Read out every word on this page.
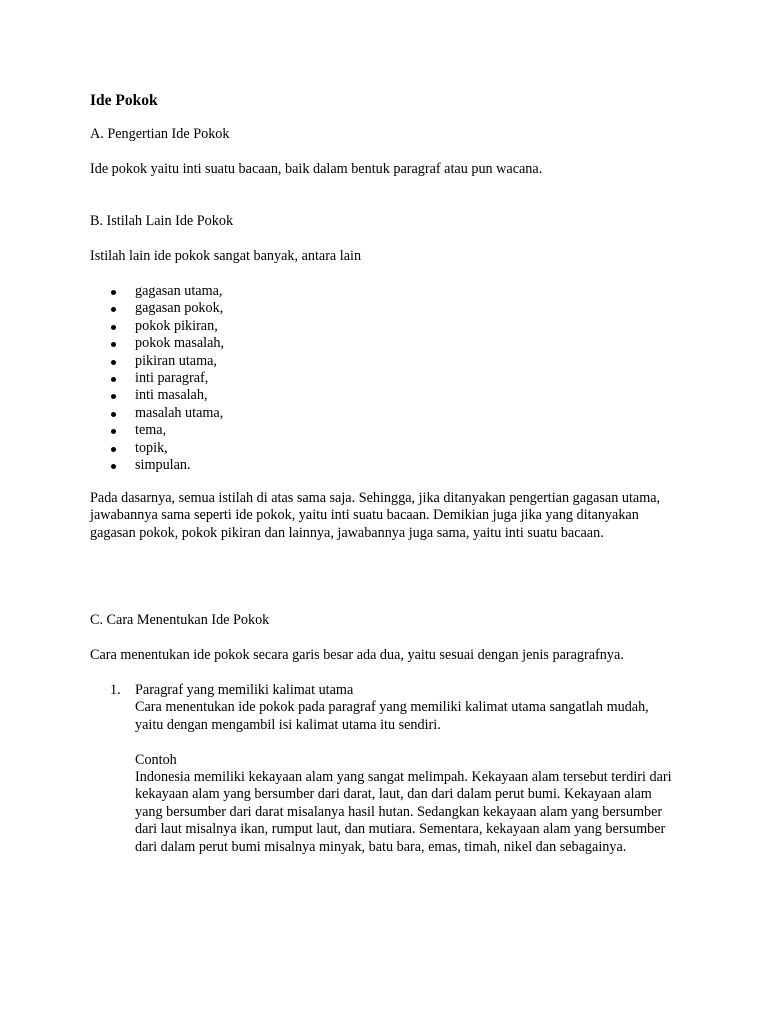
Ide Pokok

A. Pengertian Ide Pokok

Ide pokok yaitu inti suatu bacaan, baik dalam bentuk paragraf atau pun wacana.

B. Istilah Lain Ide Pokok

Istilah lain ide pokok sangat banyak, antara lain

gagasan utama,
gagasan pokok,
pokok pikiran,
pokok masalah,
pikiran utama,
inti paragraf,
inti masalah,
masalah utama,
tema,
topik,
simpulan.

Pada dasarnya, semua istilah di atas sama saja. Sehingga, jika ditanyakan pengertian gagasan utama, jawabannya sama seperti ide pokok, yaitu inti suatu bacaan. Demikian juga jika yang ditanyakan gagasan pokok, pokok pikiran dan lainnya, jawabannya juga sama, yaitu inti suatu bacaan.

C. Cara Menentukan Ide Pokok

Cara menentukan ide pokok secara garis besar ada dua, yaitu sesuai dengan jenis paragrafnya.

1. Paragraf yang memiliki kalimat utama

Cara menentukan ide pokok pada paragraf yang memiliki kalimat utama sangatlah mudah, yaitu dengan mengambil isi kalimat utama itu sendiri.

Contoh

Indonesia memiliki kekayaan alam yang sangat melimpah. Kekayaan alam tersebut terdiri dari kekayaan alam yang bersumber dari darat, laut, dan dari dalam perut bumi. Kekayaan alam yang bersumber dari darat misalanya hasil hutan. Sedangkan kekayaan alam yang bersumber dari laut misalnya ikan, rumput laut, dan mutiara. Sementara, kekayaan alam yang bersumber dari dalam perut bumi misalnya minyak, batu bara, emas, timah, nikel dan sebagainya.
